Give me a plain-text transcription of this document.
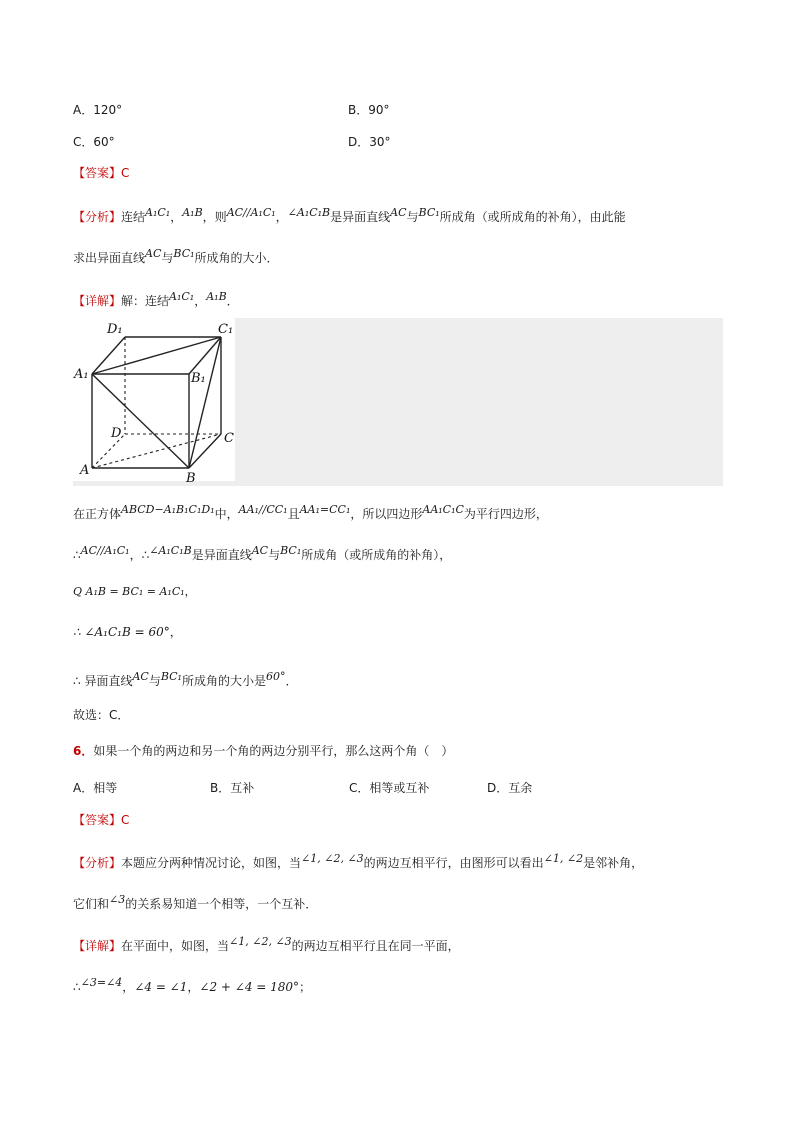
A．120°	B．90°
C．60°	D．30°
【答案】C
【分析】连结A₁C₁，A₁B，则AC//A₁C₁，∠A₁C₁B是异面直线AC与BC₁所成角（或所成角的补角），由此能
求出异面直线AC与BC₁所成角的大小．
【详解】解：连结A₁C₁，A₁B．
D₁	C₁
A₁	B₁
D	C
A
B
在正方体ABCD−A₁B₁C₁D₁中，AA₁//CC₁且AA₁=CC₁，所以四边形AA₁C₁C为平行四边形，
∴AC//A₁C₁，∴∠A₁C₁B是异面直线AC与BC₁所成角（或所成角的补角），
Q A₁B = BC₁ = A₁C₁，
∴ ∠A₁C₁B = 60°，
∴ 异面直线AC与BC₁所成角的大小是60°．
故选：C．
6．如果一个角的两边和另一个角的两边分别平行，那么这两个角（　）
A．相等	B．互补	C．相等或互补	D．互余
【答案】C
【分析】本题应分两种情况讨论，如图，当∠1, ∠2, ∠3的两边互相平行，由图形可以看出∠1, ∠2是邻补角，
它们和∠3的关系易知道一个相等，一个互补．
【详解】在平面中，如图，当∠1, ∠2, ∠3的两边互相平行且在同一平面，
∴∠3=∠4，∠4 = ∠1，∠2 + ∠4 = 180°；
